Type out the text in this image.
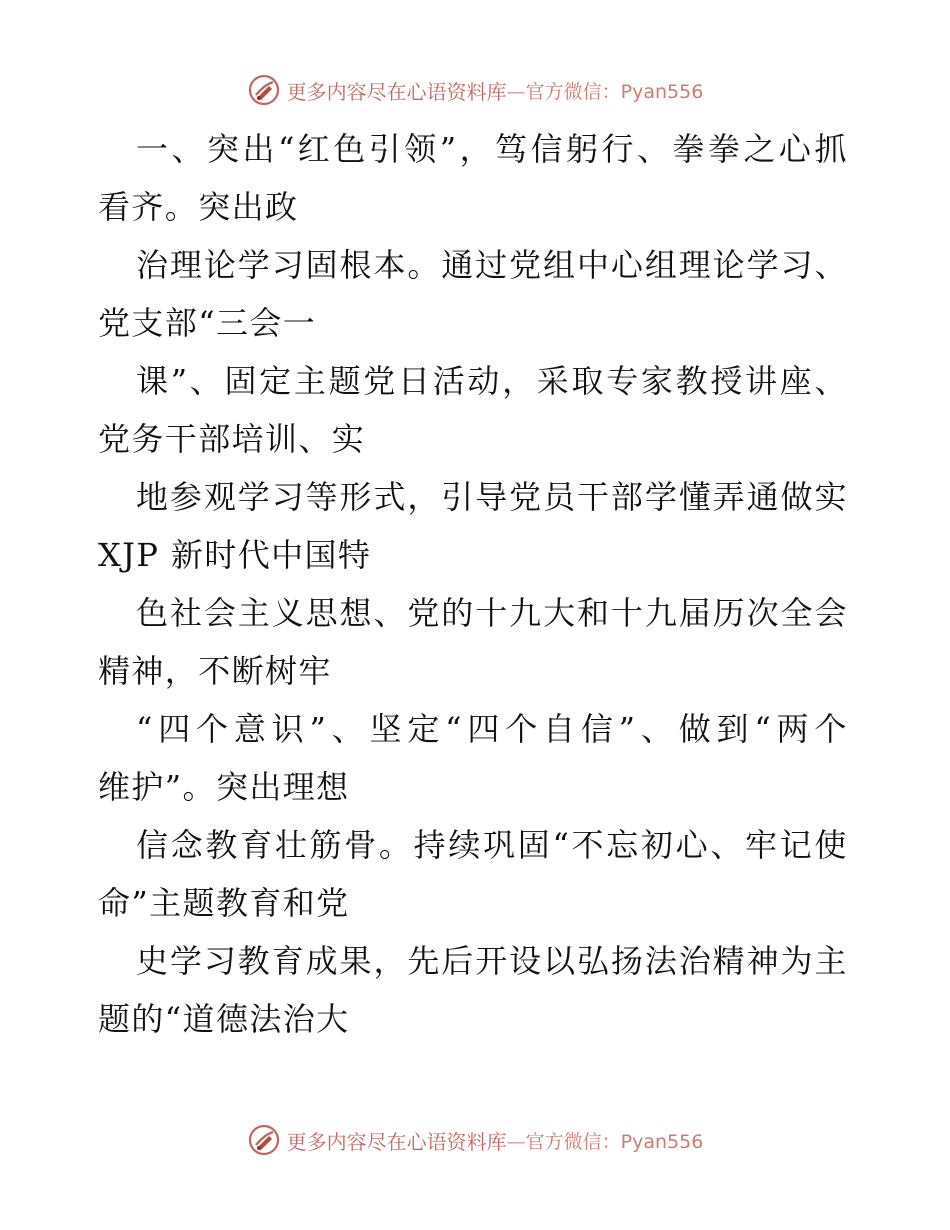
更多内容尽在心语资料库 —官方微信：Pyan556
一 、 突 出 “ 红 色 引 领 ” ， 笃 信 躬 行 、 拳 拳 之 心 抓
看齐。突出政
治 理 论 学 习 固 根 本 。 通 过 党 组 中 心 组 理 论 学 习 、
党支部“三会一
课 ” 、 固 定 主 题 党 日 活 动 ， 采 取 专 家 教 授 讲 座 、
党务干部培训、实
地 参 观 学 习 等 形 式 ， 引 导 党 员 干 部 学 懂 弄 通 做 实
XJP 新时代中国特
色 社 会 主 义 思 想 、 党 的 十 九 大 和 十 九 届 历 次 全 会
精神，不断树牢
“ 四 个 意 识 ” 、 坚 定 “ 四 个 自 信 ” 、 做 到 “ 两 个
维护”。突出理想
信 念 教 育 壮 筋 骨 。 持 续 巩 固 “ 不 忘 初 心 、 牢 记 使
命”主题教育和党
史 学 习 教 育 成 果 ， 先 后 开 设 以 弘 扬 法 治 精 神 为 主
题的“道德法治大
更多内容尽在心语资料库 —官方微信：Pyan556
